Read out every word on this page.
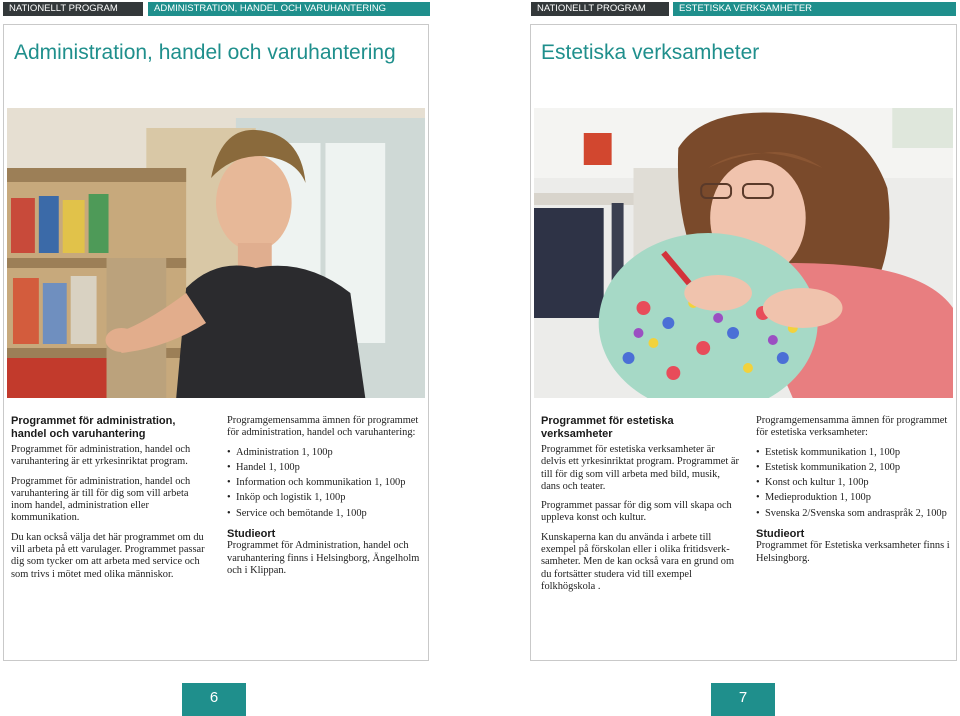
NATIONELLT PROGRAM	ADMINISTRATION, HANDEL OCH VARUHANTERING
Administration, handel och varuhantering
Programmet för administration, handel och varuhantering
Programmet för administration, handel och varuhantering är ett yrkesinriktat program.
Programmet för administration, handel och varuhantering är till för dig som vill arbeta inom handel, administration eller kommunikation.
Du kan också välja det här programmet om du vill arbeta på ett varulager. Programmet passar dig som tycker om att arbeta med service och som trivs i mötet med olika människor.
Programgemensamma ämnen för programmet för administration, handel och varuhantering:
• Administration 1, 100p
• Handel 1, 100p
• Information och kommunikation 1, 100p
• Inköp och logistik 1, 100p
• Service och bemötande 1, 100p
Studieort
Programmet för Administration, handel och varuhantering finns i Helsingborg, Ängelholm och i Klippan.
6
NATIONELLT PROGRAM	ESTETISKA VERKSAMHETER
Estetiska verksamheter
Programmet för estetiska verksamheter
Programmet för estetiska verksamheter är delvis ett yrkesinriktat program. Programmet är till för dig som vill arbeta med bild, musik, dans och teater.
Programmet passar för dig som vill skapa och uppleva konst och kultur.
Kunskaperna kan du använda i arbete till exempel på förskolan eller i olika fritidsverk- samheter. Men de kan också vara en grund om du fortsätter studera vid till exempel folkhögskola .
Programgemensamma ämnen för programmet för estetiska verksamheter:
• Estetisk kommunikation 1, 100p
• Estetisk kommunikation 2, 100p
• Konst och kultur 1, 100p
• Medieproduktion 1, 100p
• Svenska 2/Svenska som andraspråk 2, 100p
Studieort
Programmet för Estetiska verksamheter finns i Helsingborg.
7
